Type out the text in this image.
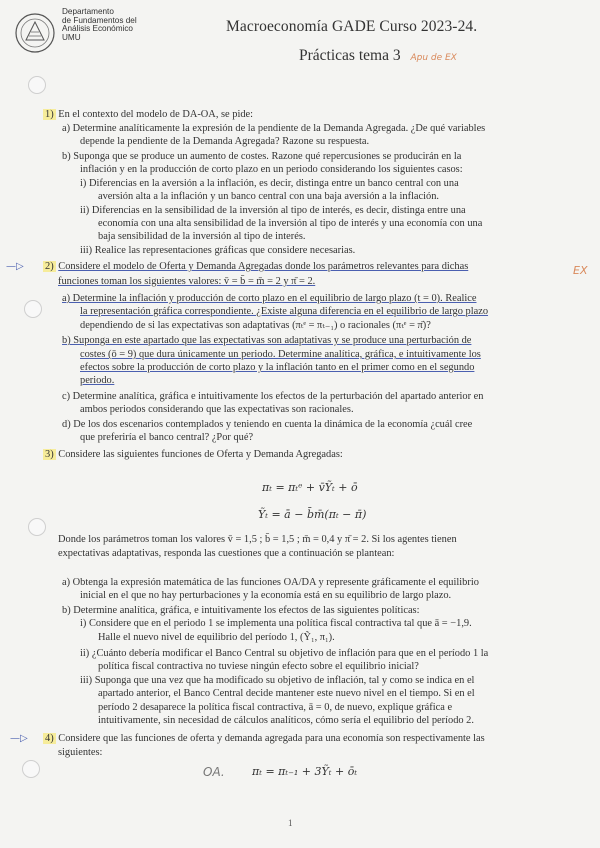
Departamento
de Fundamentos del
Análisis Económico
UMU
Macroeconomía GADE Curso 2023-24.
Prácticas tema 3 Apu de EX
1) En el contexto del modelo de DA-OA, se pide:
a) Determine analíticamente la expresión de la pendiente de la Demanda Agregada. ¿De qué variables
depende la pendiente de la Demanda Agregada? Razone su respuesta.
b) Suponga que se produce un aumento de costes. Razone qué repercusiones se producirán en la
inflación y en la producción de corto plazo en un periodo considerando los siguientes casos:
i) Diferencias en la aversión a la inflación, es decir, distinga entre un banco central con una
aversión alta a la inflación y un banco central con una baja aversión a la inflación.
ii) Diferencias en la sensibilidad de la inversión al tipo de interés, es decir, distinga entre una
economía con una alta sensibilidad de la inversión al tipo de interés y una economía con una
baja sensibilidad de la inversión al tipo de interés.
iii) Realice las representaciones gráficas que considere necesarias.
—▷	EX
2) Considere el modelo de Oferta y Demanda Agregadas donde los parámetros relevantes para dichas
funciones toman los siguientes valores: v̄ = b̄ = m̄ = 2 y π̄ = 2.
a) Determine la inflación y producción de corto plazo en el equilibrio de largo plazo (t = 0). Realice
la representación gráfica correspondiente. ¿Existe alguna diferencia en el equilibrio de largo plazo
dependiendo de si las expectativas son adaptativas (πₜᵉ = πₜ₋₁) o racionales (πₜᵉ = π̄)?
b) Suponga en este apartado que las expectativas son adaptativas y se produce una perturbación de
costes (ō = 9) que dura únicamente un periodo. Determine analítica, gráfica, e intuitivamente los
efectos sobre la producción de corto plazo y la inflación tanto en el primer como en el segundo
periodo.
c) Determine analítica, gráfica e intuitivamente los efectos de la perturbación del apartado anterior en
ambos periodos considerando que las expectativas son racionales.
d) De los dos escenarios contemplados y teniendo en cuenta la dinámica de la economía ¿cuál cree
que preferiría el banco central? ¿Por qué?
3) Considere las siguientes funciones de Oferta y Demanda Agregadas:
πₜ = πₜᵉ + v̄Ỹₜ + ō
Ỹₜ = ā − b̄m̄(πₜ − π̄)
Donde los parámetros toman los valores v̄ = 1,5 ; b̄ = 1,5 ; m̄ = 0,4 y π̄ = 2. Si los agentes tienen
expectativas adaptativas, responda las cuestiones que a continuación se plantean:
a) Obtenga la expresión matemática de las funciones OA/DA y represente gráficamente el equilibrio
inicial en el que no hay perturbaciones y la economía está en su equilibrio de largo plazo.
b) Determine analítica, gráfica, e intuitivamente los efectos de las siguientes políticas:
i) Considere que en el periodo 1 se implementa una política fiscal contractiva tal que ā = −1,9.
Halle el nuevo nivel de equilibrio del período 1, (Ỹ₁, π₁).
ii) ¿Cuánto debería modificar el Banco Central su objetivo de inflación para que en el período 1 la
política fiscal contractiva no tuviese ningún efecto sobre el equilibrio inicial?
iii) Suponga que una vez que ha modificado su objetivo de inflación, tal y como se indica en el
apartado anterior, el Banco Central decide mantener este nuevo nivel en el tiempo. Si en el
período 2 desaparece la política fiscal contractiva, ā = 0, de nuevo, explique gráfica e
intuitivamente, sin necesidad de cálculos analíticos, cómo sería el equilibrio del período 2.
—▷ 4) Considere que las funciones de oferta y demanda agregada para una economía son respectivamente las
siguientes:
OA. πₜ = πₜ₋₁ + 3Ỹₜ + ōₜ
1
